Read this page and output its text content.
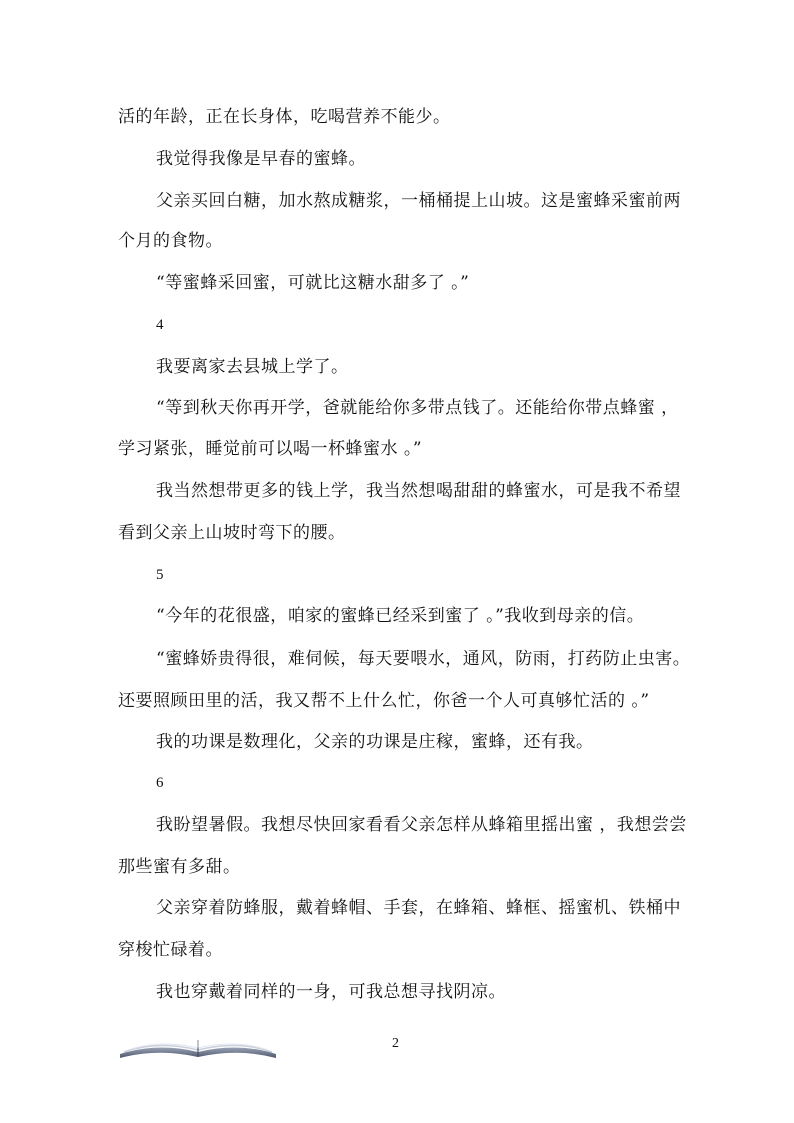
活的年龄，正在长身体，吃喝营养不能少。
我觉得我像是早春的蜜蜂。
父亲买回白糖，加水熬成糖浆，一桶桶提上山坡。这是蜜蜂采蜜前两
个月的食物。
“等蜜蜂采回蜜，可就比这糖水甜多了 。”
4
我要离家去县城上学了。
“等到秋天你再开学，爸就能给你多带点钱了。还能给你带点蜂蜜 ，
学习紧张，睡觉前可以喝一杯蜂蜜水 。”
我当然想带更多的钱上学，我当然想喝甜甜的蜂蜜水，可是我不希望
看到父亲上山坡时弯下的腰。
5
“今年的花很盛，咱家的蜜蜂已经采到蜜了 。”我收到母亲的信。
“蜜蜂娇贵得很，难伺候，每天要喂水，通风，防雨，打药防止虫害。
还要照顾田里的活，我又帮不上什么忙，你爸一个人可真够忙活的 。”
我的功课是数理化，父亲的功课是庄稼，蜜蜂，还有我。
6
我盼望暑假。我想尽快回家看看父亲怎样从蜂箱里摇出蜜 ，我想尝尝
那些蜜有多甜。
父亲穿着防蜂服，戴着蜂帽、手套，在蜂箱、蜂框、摇蜜机、铁桶中
穿梭忙碌着。
我也穿戴着同样的一身，可我总想寻找阴凉。
2
